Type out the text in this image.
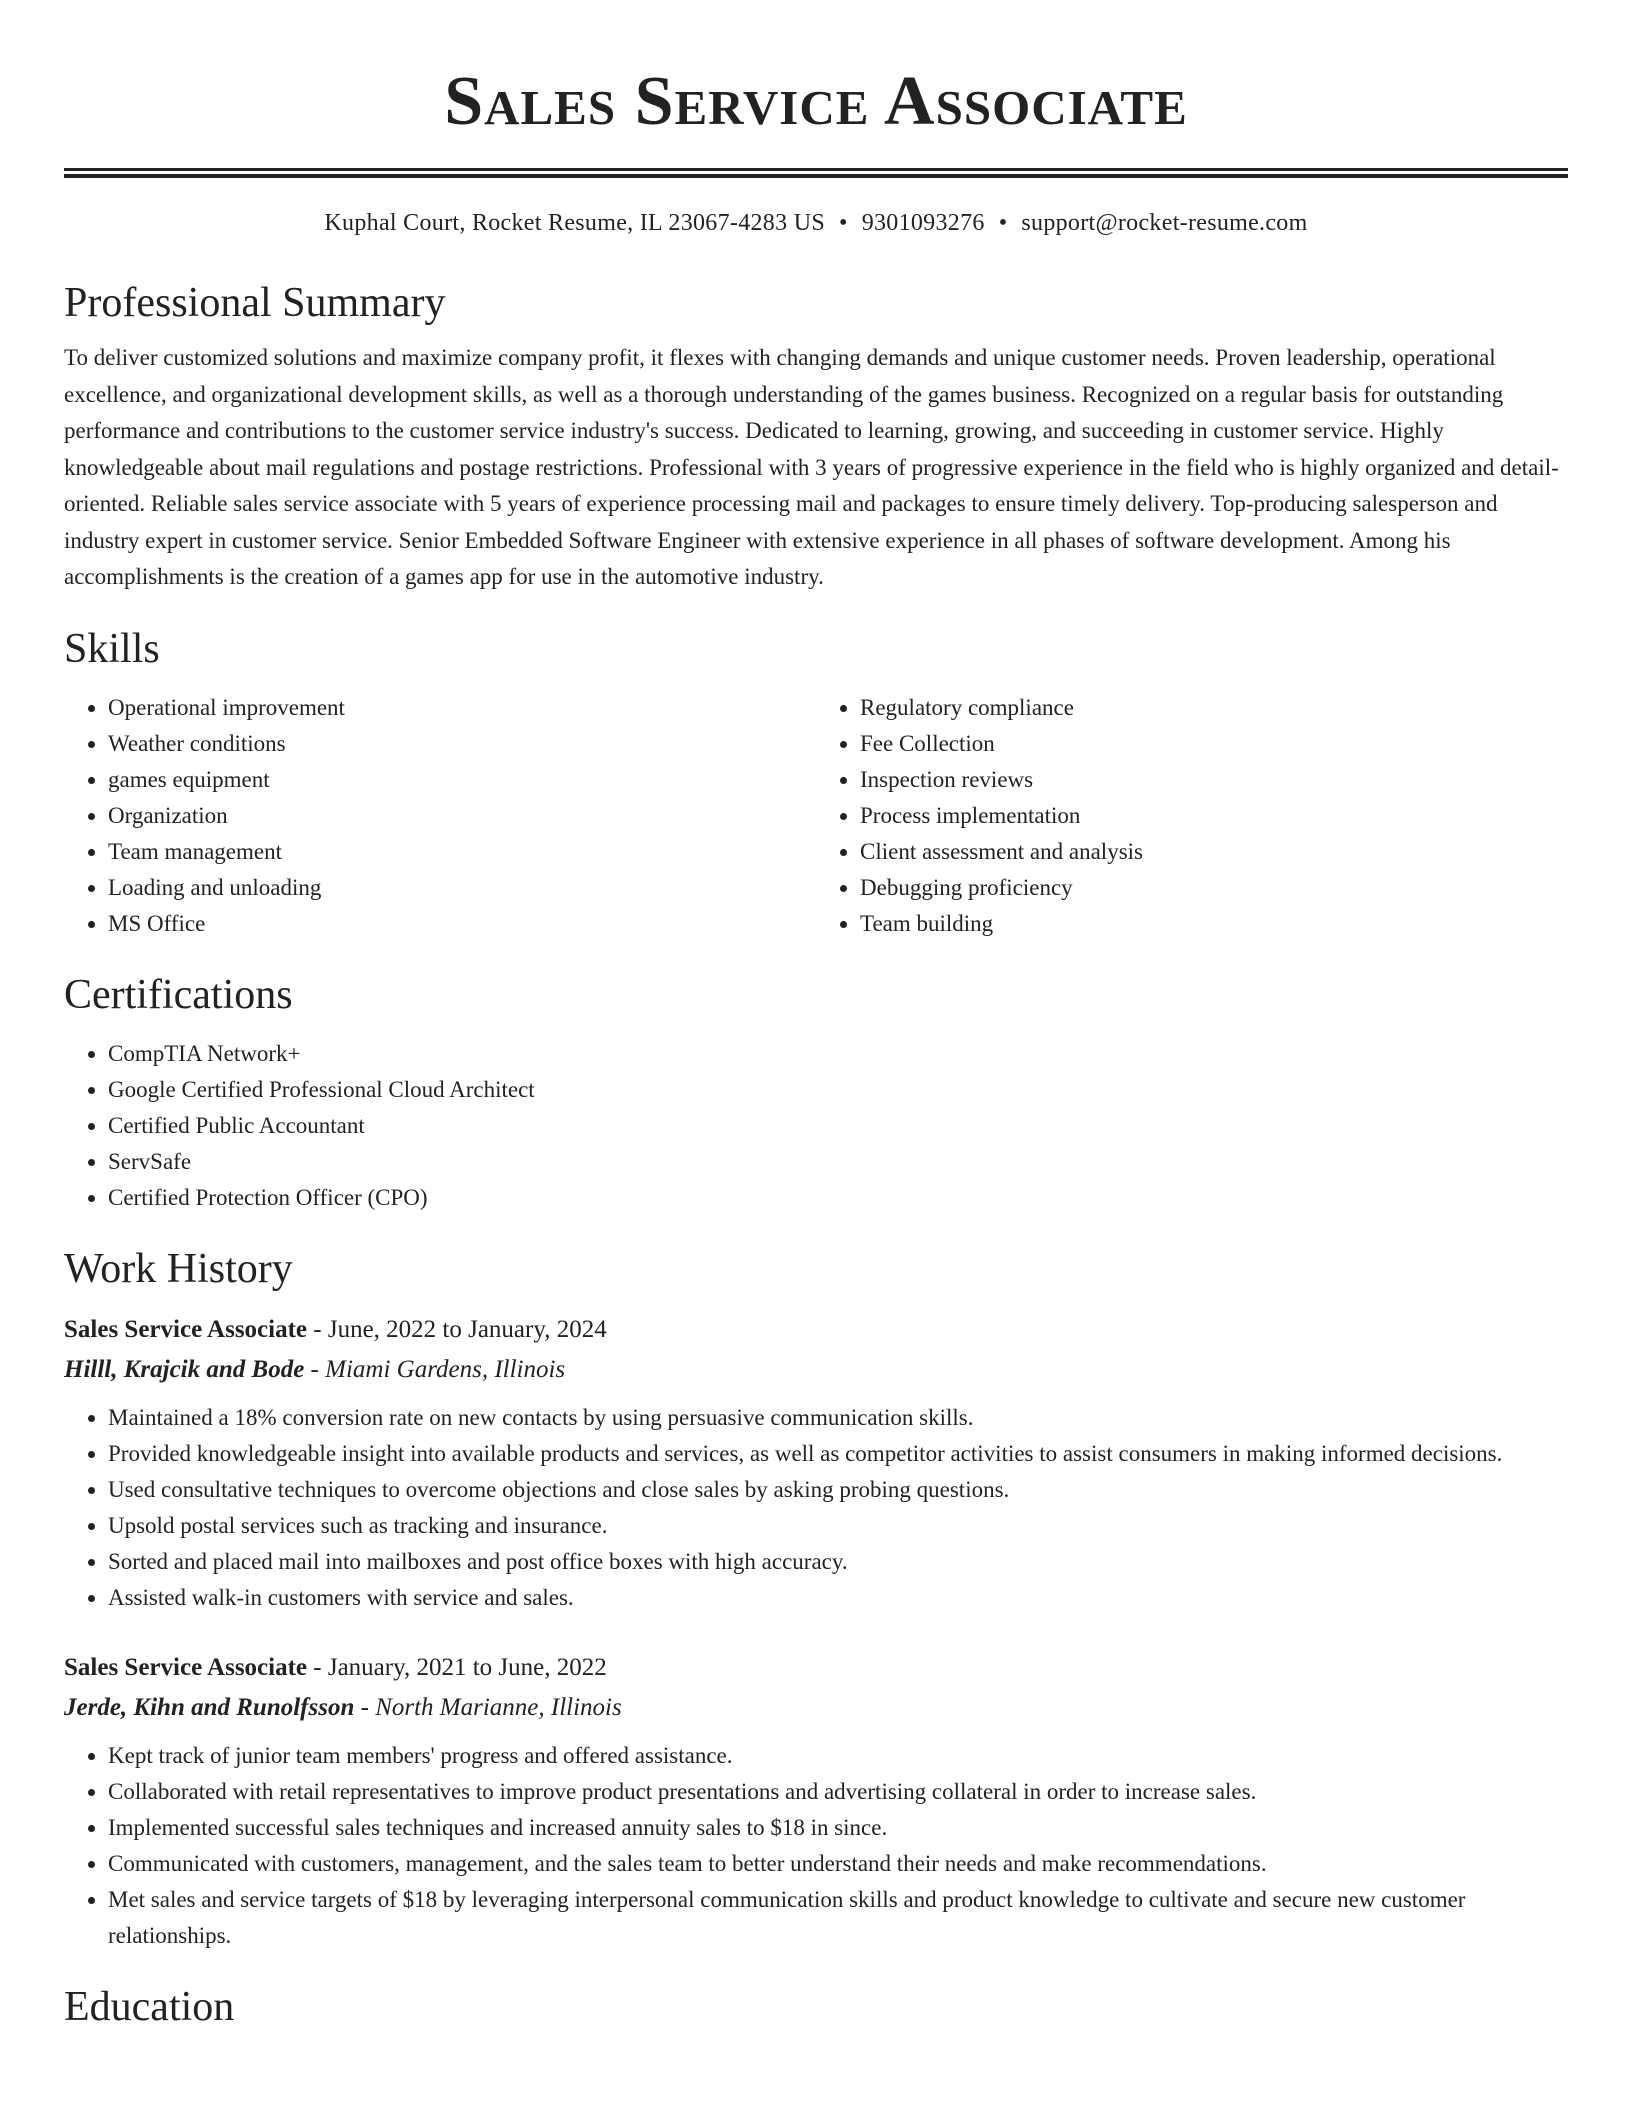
Sales Service Associate
Kuphal Court, Rocket Resume, IL 23067-4283 US • 9301093276 • support@rocket-resume.com
Professional Summary

To deliver customized solutions and maximize company profit, it flexes with changing demands and unique customer needs. Proven leadership, operational excellence, and organizational development skills, as well as a thorough understanding of the games business. Recognized on a regular basis for outstanding performance and contributions to the customer service industry's success. Dedicated to learning, growing, and succeeding in customer service. Highly knowledgeable about mail regulations and postage restrictions. Professional with 3 years of progressive experience in the field who is highly organized and detail-oriented. Reliable sales service associate with 5 years of experience processing mail and packages to ensure timely delivery. Top-producing salesperson and industry expert in customer service. Senior Embedded Software Engineer with extensive experience in all phases of software development. Among his accomplishments is the creation of a games app for use in the automotive industry.

Skills
• Operational improvement
• Weather conditions
• games equipment
• Organization
• Team management
• Loading and unloading
• MS Office
• Regulatory compliance
• Fee Collection
• Inspection reviews
• Process implementation
• Client assessment and analysis
• Debugging proficiency
• Team building
Certifications
• CompTIA Network+
• Google Certified Professional Cloud Architect
• Certified Public Accountant
• ServSafe
• Certified Protection Officer (CPO)
Work History
Sales Service Associate - June, 2022 to January, 2024
Hilll, Krajcik and Bode - Miami Gardens, Illinois
• Maintained a 18% conversion rate on new contacts by using persuasive communication skills.
• Provided knowledgeable insight into available products and services, as well as competitor activities to assist consumers in making informed decisions.
• Used consultative techniques to overcome objections and close sales by asking probing questions.
• Upsold postal services such as tracking and insurance.
• Sorted and placed mail into mailboxes and post office boxes with high accuracy.
• Assisted walk-in customers with service and sales.
Sales Service Associate - January, 2021 to June, 2022
Jerde, Kihn and Runolfsson - North Marianne, Illinois
• Kept track of junior team members' progress and offered assistance.
• Collaborated with retail representatives to improve product presentations and advertising collateral in order to increase sales.
• Implemented successful sales techniques and increased annuity sales to $18 in since.
• Communicated with customers, management, and the sales team to better understand their needs and make recommendations.
• Met sales and service targets of $18 by leveraging interpersonal communication skills and product knowledge to cultivate and secure new customer relationships.
Education
